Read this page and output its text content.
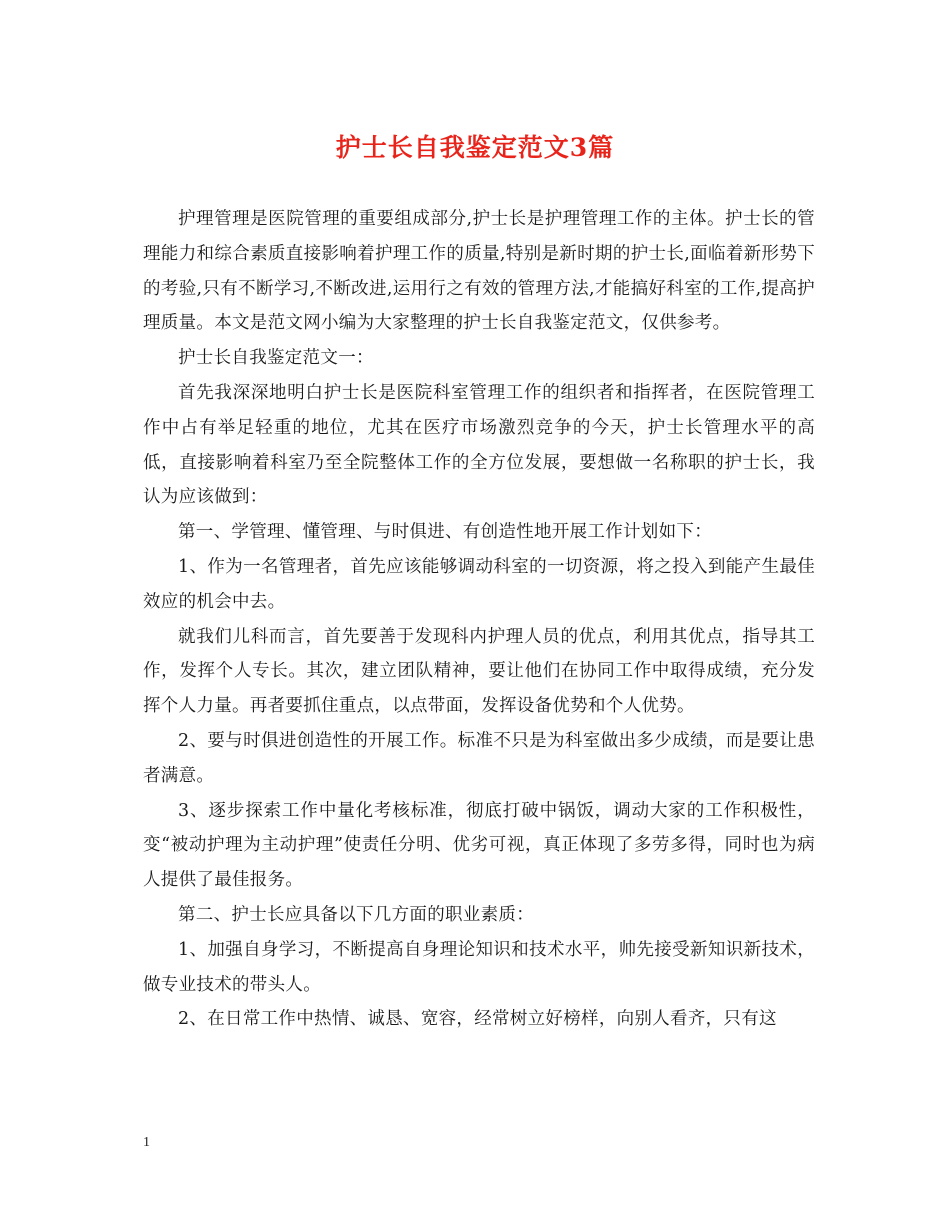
护士长自我鉴定范文3篇

护理管理是医院管理的重要组成部分,护士长是护理管理工作的主体。护士长的管理能力和综合素质直接影响着护理工作的质量,特别是新时期的护士长,面临着新形势下的考验,只有不断学习,不断改进,运用行之有效的管理方法,才能搞好科室的工作,提高护理质量。本文是范文网小编为大家整理的护士长自我鉴定范文，仅供参考。

护士长自我鉴定范文一：

首先我深深地明白护士长是医院科室管理工作的组织者和指挥者，在医院管理工作中占有举足轻重的地位，尤其在医疗市场激烈竞争的今天，护士长管理水平的高低，直接影响着科室乃至全院整体工作的全方位发展，要想做一名称职的护士长，我认为应该做到：

第一、学管理、懂管理、与时俱进、有创造性地开展工作计划如下：

1、作为一名管理者，首先应该能够调动科室的一切资源，将之投入到能产生最佳效应的机会中去。

就我们儿科而言，首先要善于发现科内护理人员的优点，利用其优点，指导其工作，发挥个人专长。其次，建立团队精神，要让他们在协同工作中取得成绩，充分发挥个人力量。再者要抓住重点，以点带面，发挥设备优势和个人优势。

2、要与时俱进创造性的开展工作。标准不只是为科室做出多少成绩，而是要让患者满意。

3、逐步探索工作中量化考核标准，彻底打破中锅饭，调动大家的工作积极性，变“被动护理为主动护理”使责任分明、优劣可视，真正体现了多劳多得，同时也为病人提供了最佳报务。

第二、护士长应具备以下几方面的职业素质：

1、加强自身学习，不断提高自身理论知识和技术水平，帅先接受新知识新技术，做专业技术的带头人。

2、在日常工作中热情、诚恳、宽容，经常树立好榜样，向别人看齐，只有这

1
